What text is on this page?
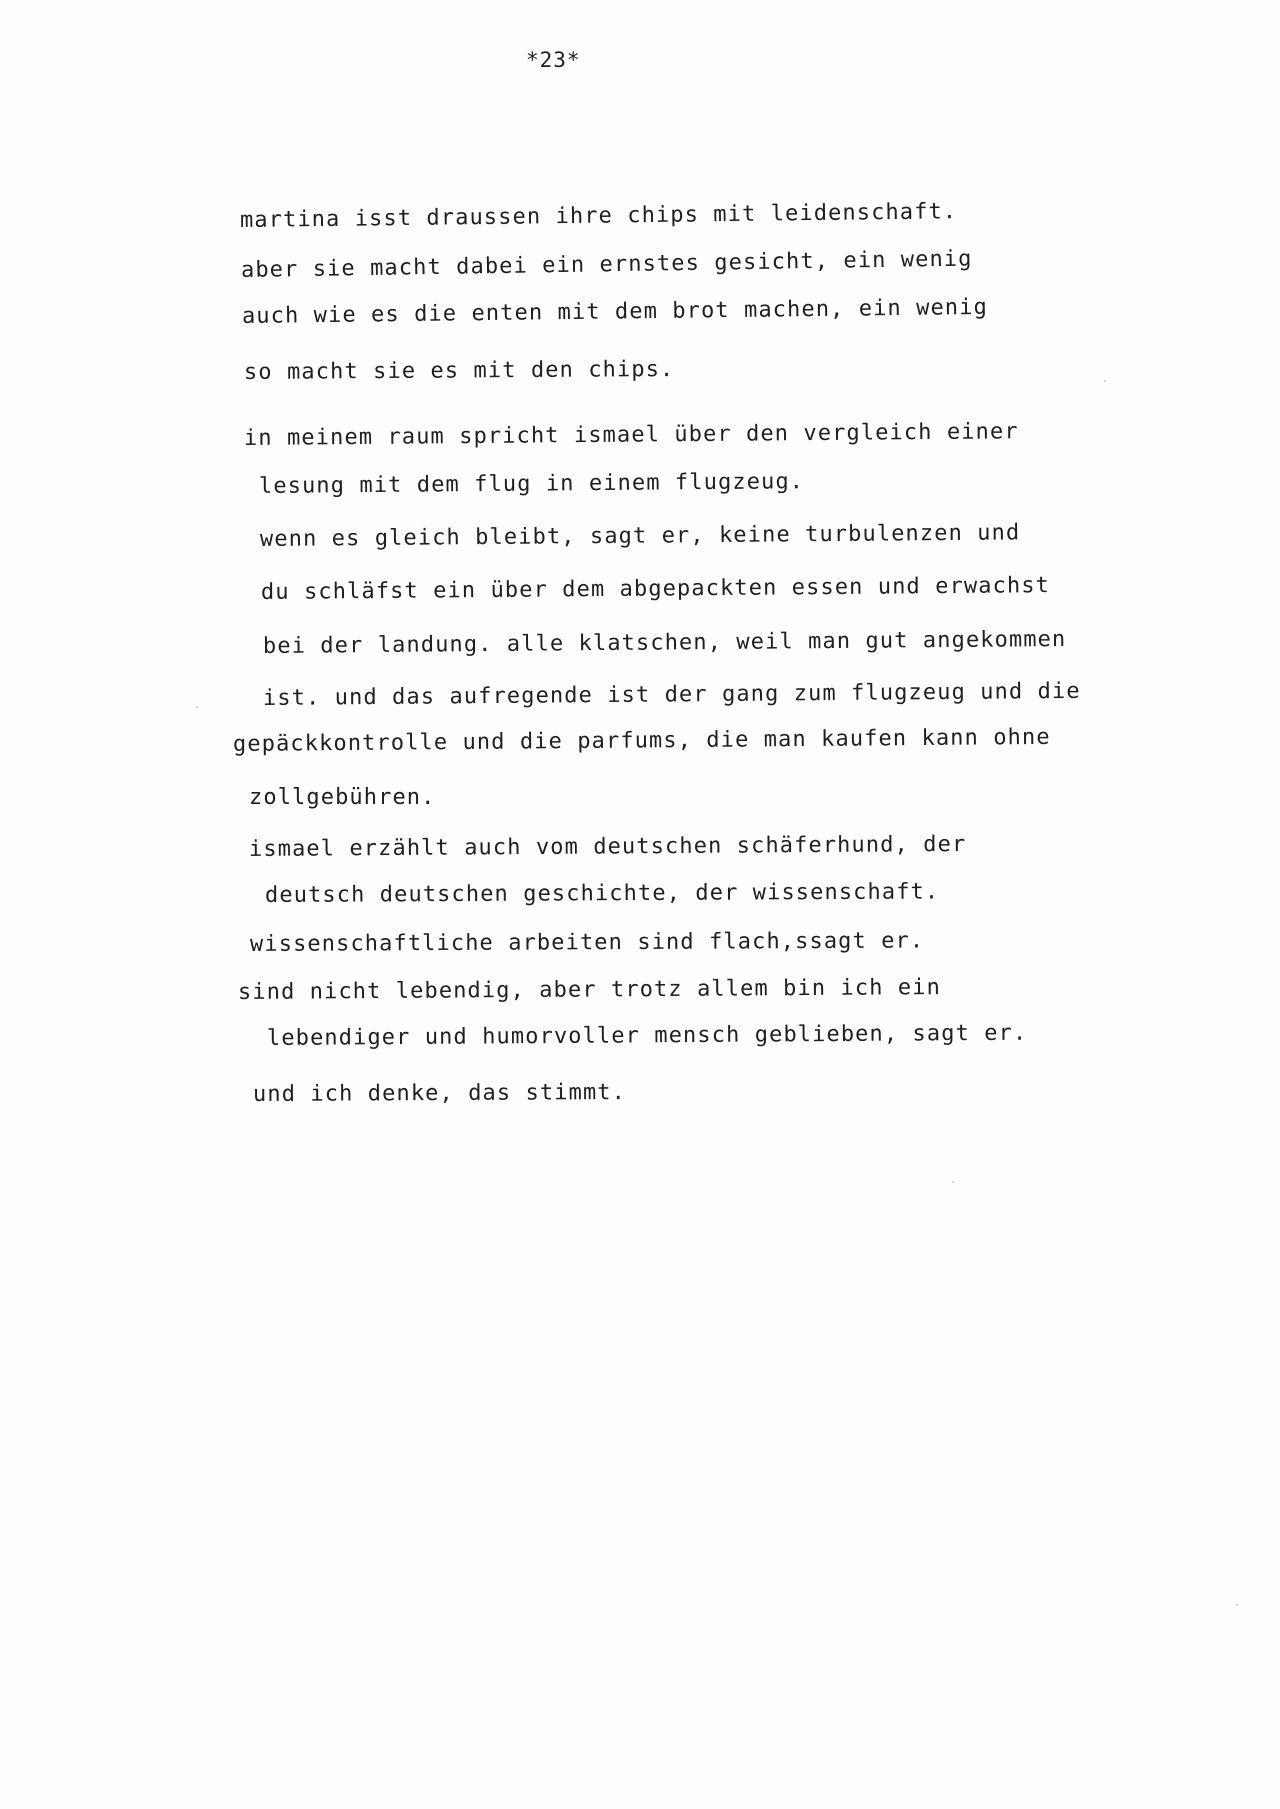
*23*
martina isst draussen ihre chips mit leidenschaft.
aber sie macht dabei ein ernstes gesicht, ein wenig
auch wie es die enten mit dem brot machen, ein wenig
so macht sie es mit den chips.
in meinem raum spricht ismael über den vergleich einer
lesung mit dem flug in einem flugzeug.
wenn es gleich bleibt, sagt er, keine turbulenzen und
du schläfst ein über dem abgepackten essen und erwachst
bei der landung. alle klatschen, weil man gut angekommen
ist. und das aufregende ist der gang zum flugzeug und die
gepäckkontrolle und die parfums, die man kaufen kann ohne
zollgebühren.
ismael erzählt auch vom deutschen schäferhund, der
deutsch deutschen geschichte, der wissenschaft.
wissenschaftliche arbeiten sind flach,ssagt er.
sind nicht lebendig, aber trotz allem bin ich ein
lebendiger und humorvoller mensch geblieben, sagt er.
und ich denke, das stimmt.
